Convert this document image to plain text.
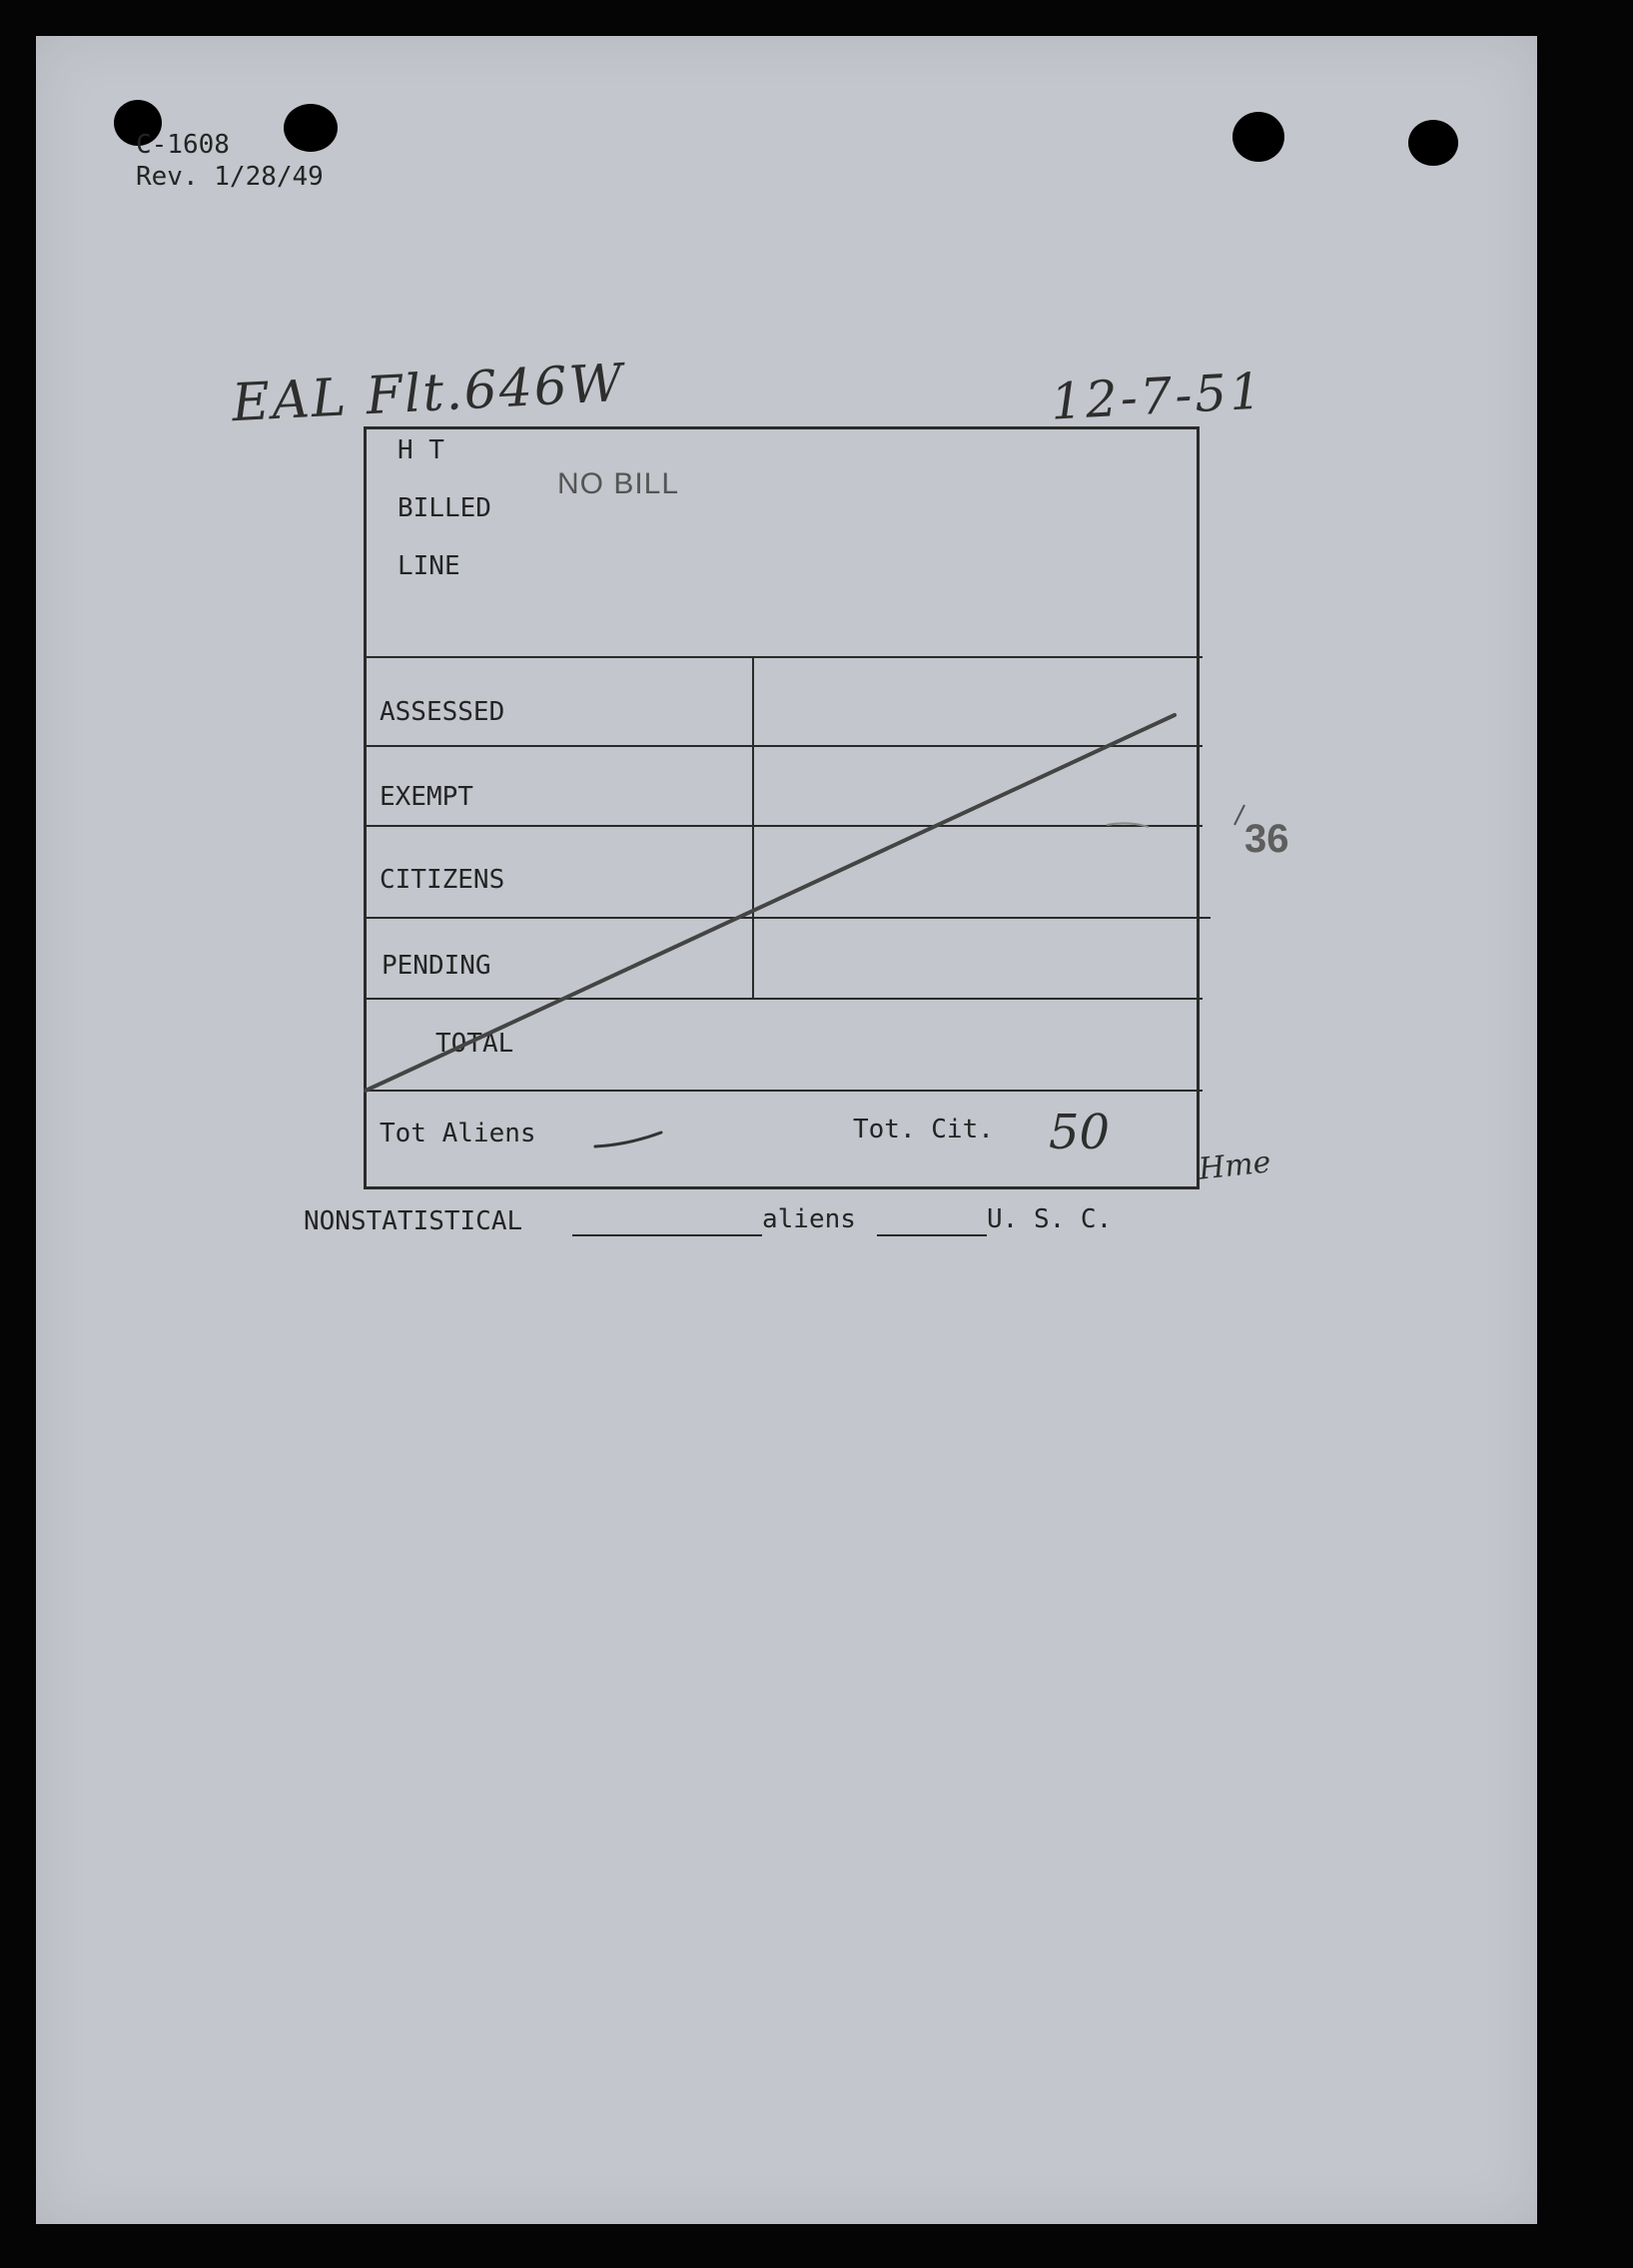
C-1608
Rev. 1/28/49
EAL Flt.646W	12-7-51
H T
BILLED
LINE
NO BILL
ASSESSED
EXEMPT
CITIZENS
PENDING
TOTAL
36
Tot Aliens	Tot. Cit. 50
Hme
NONSTATISTICAL	aliens	U. S. C.
